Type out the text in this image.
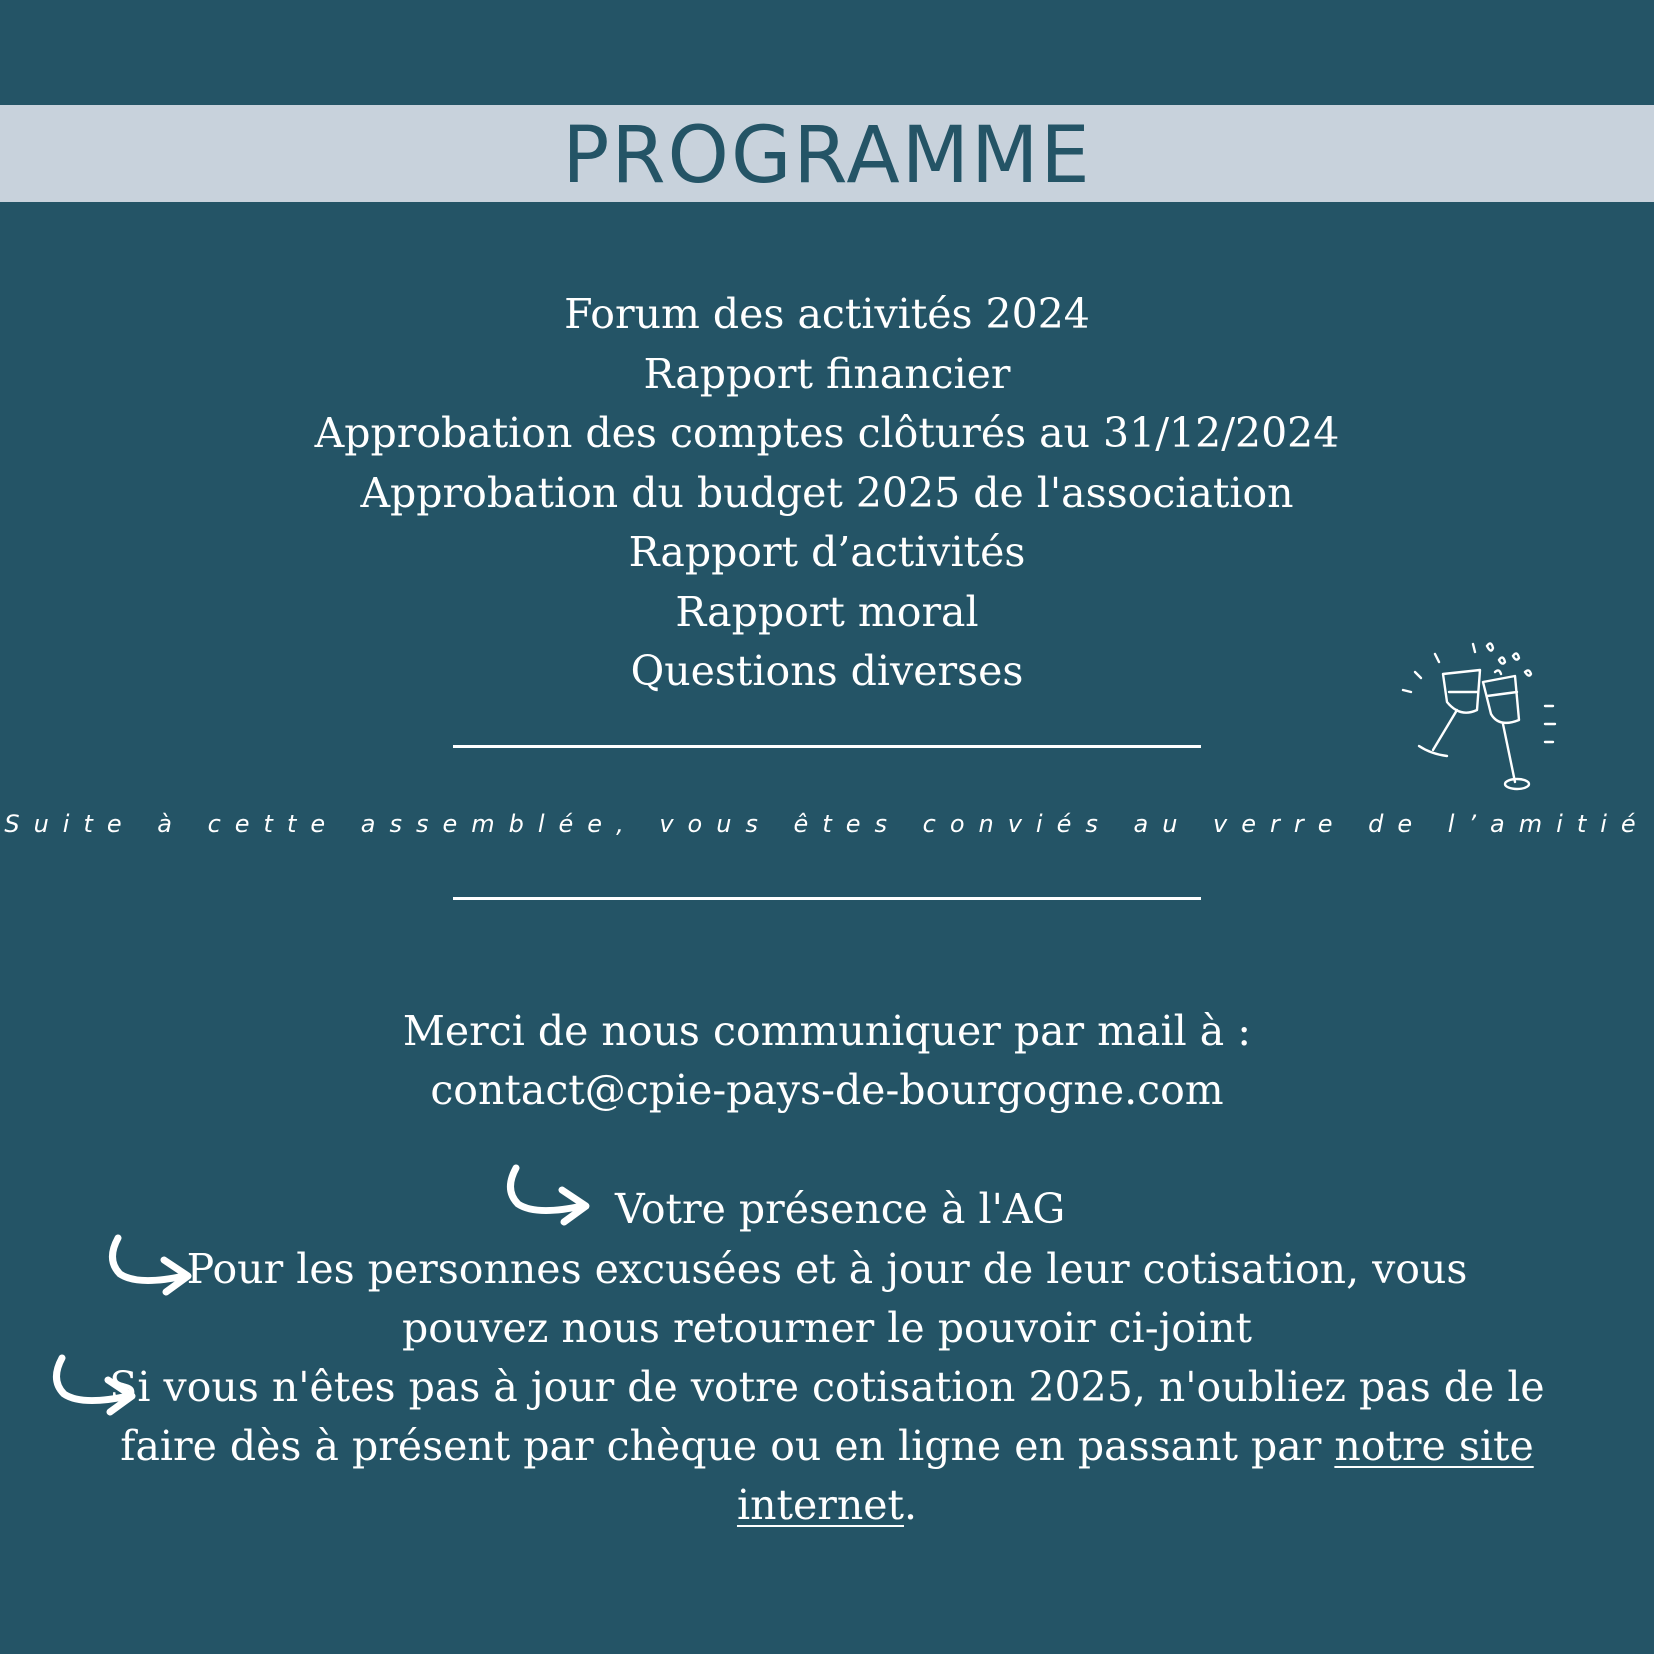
PROGRAMME
Forum des activités 2024
Rapport financier
Approbation des comptes clôturés au 31/12/2024
Approbation du budget 2025 de l'association
Rapport d’activités
Rapport moral
Questions diverses
Suite à cette assemblée, vous êtes conviés au verre de l’amitié
Merci de nous communiquer par mail à :
contact@cpie-pays-de-bourgogne.com
Votre présence à l'AG
Pour les personnes excusées et à jour de leur cotisation, vous
pouvez nous retourner le pouvoir ci-joint
Si vous n'êtes pas à jour de votre cotisation 2025, n'oubliez pas de le
faire dès à présent par chèque ou en ligne en passant par notre site
internet.
